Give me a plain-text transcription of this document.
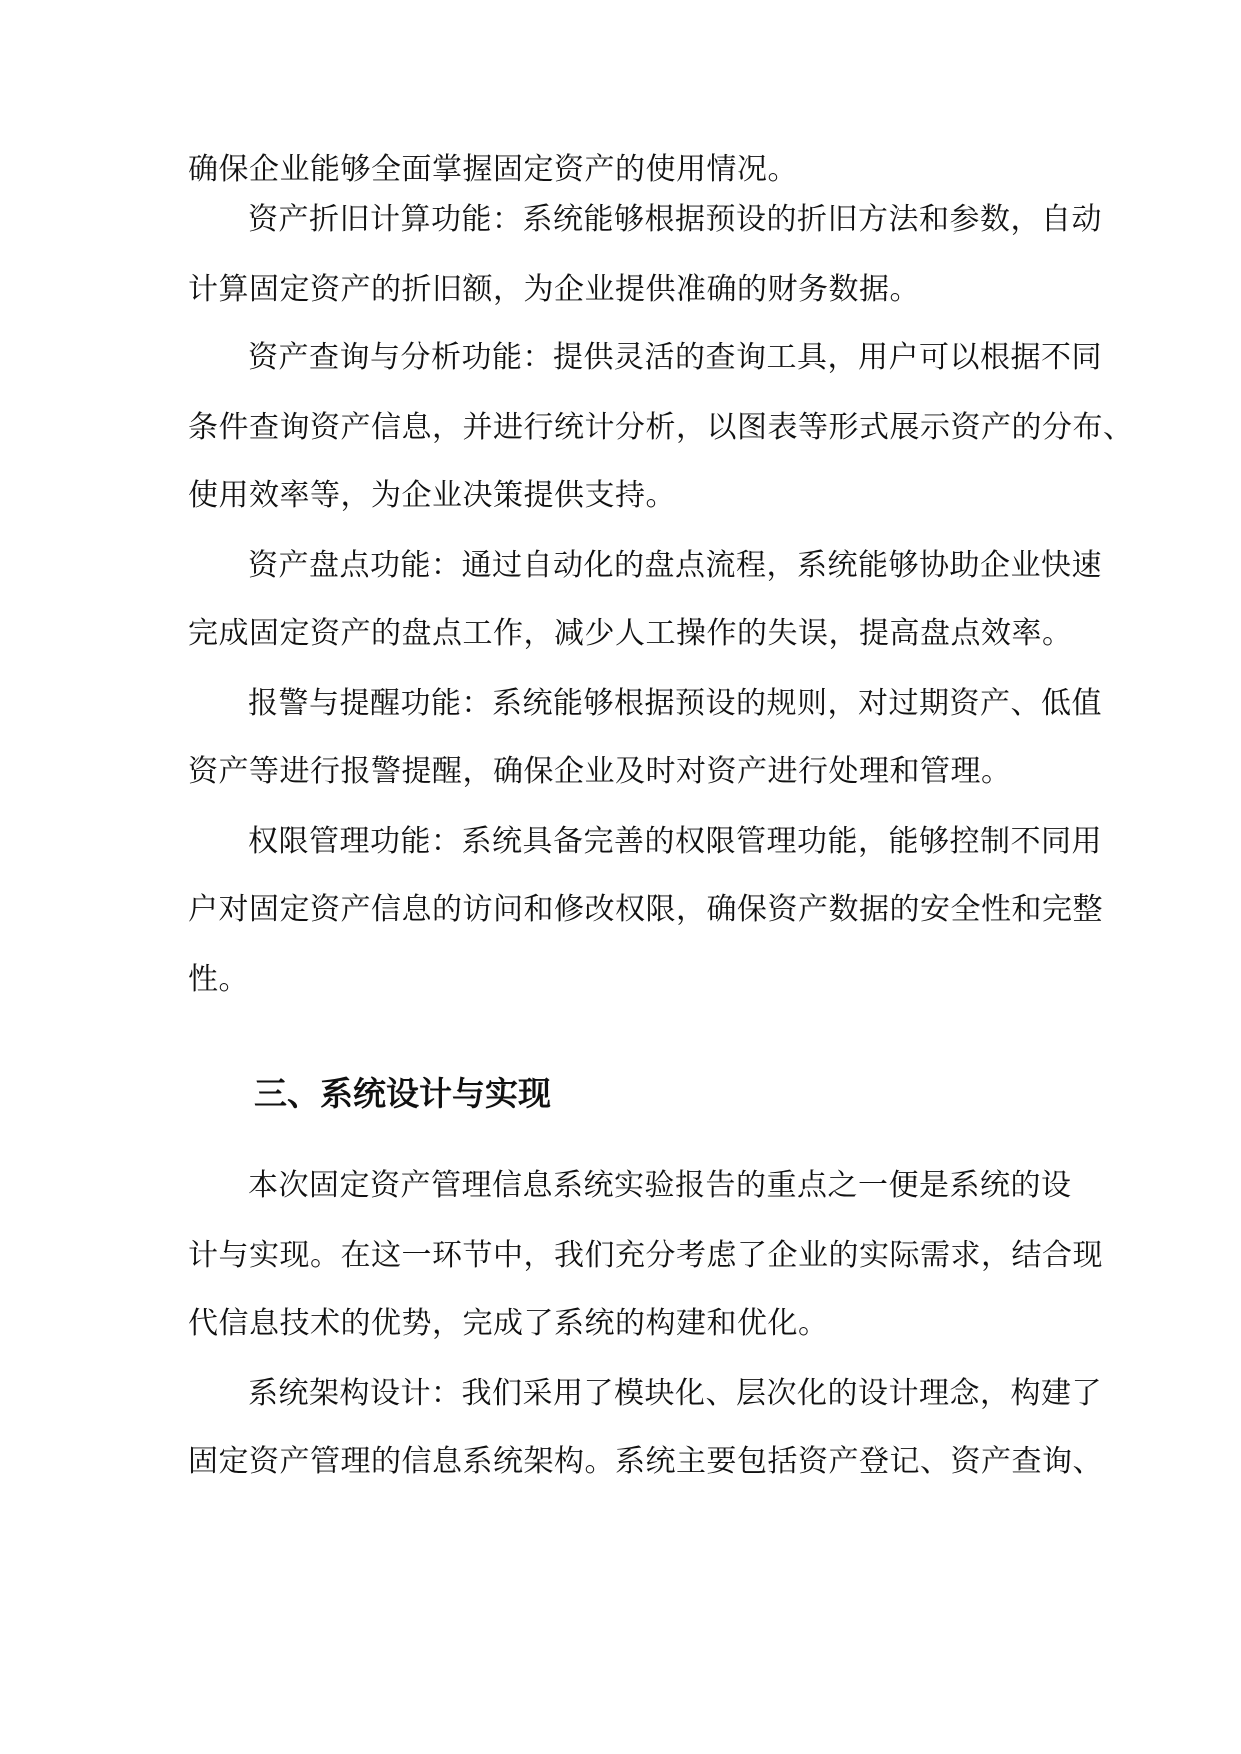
确保企业能够全面掌握固定资产的使用情况。
资产折旧计算功能：系统能够根据预设的折旧方法和参数，自动
计算固定资产的折旧额，为企业提供准确的财务数据。
资产查询与分析功能：提供灵活的查询工具，用户可以根据不同
条件查询资产信息，并进行统计分析，以图表等形式展示资产的分布、
使用效率等，为企业决策提供支持。
资产盘点功能：通过自动化的盘点流程，系统能够协助企业快速
完成固定资产的盘点工作，减少人工操作的失误，提高盘点效率。
报警与提醒功能：系统能够根据预设的规则，对过期资产、低值
资产等进行报警提醒，确保企业及时对资产进行处理和管理。
权限管理功能：系统具备完善的权限管理功能，能够控制不同用
户对固定资产信息的访问和修改权限，确保资产数据的安全性和完整
性。
三、系统设计与实现
本次固定资产管理信息系统实验报告的重点之一便是系统的设
计与实现。在这一环节中，我们充分考虑了企业的实际需求，结合现
代信息技术的优势，完成了系统的构建和优化。
系统架构设计：我们采用了模块化、层次化的设计理念，构建了
固定资产管理的信息系统架构。系统主要包括资产登记、资产查询、
